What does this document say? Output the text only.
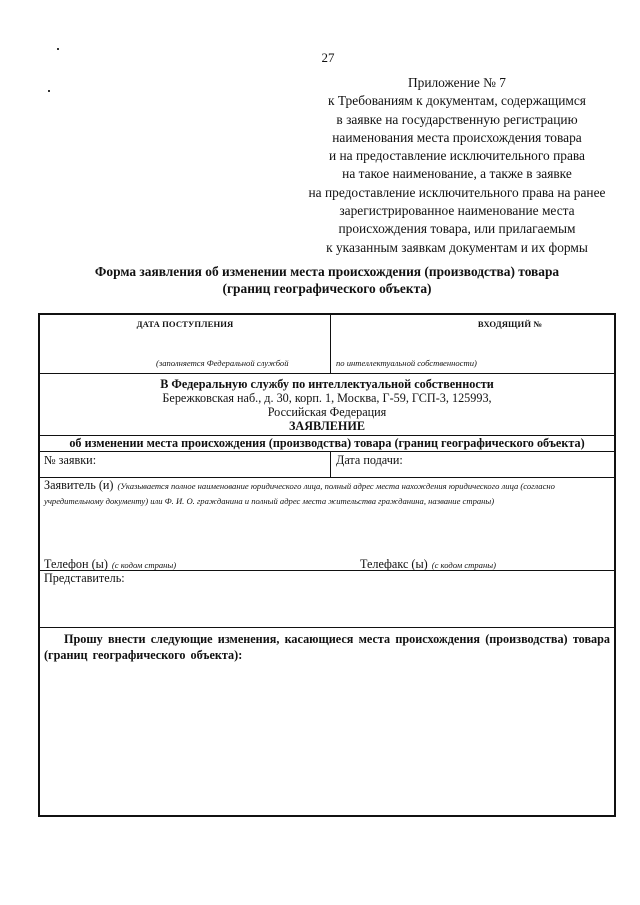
27
Приложение № 7
к Требованиям к документам, содержащимся
в заявке на государственную регистрацию
наименования места происхождения товара
и на предоставление исключительного права
на такое наименование, а также в заявке
на предоставление исключительного права на ранее
зарегистрированное наименование места
происхождения товара, или прилагаемым
к указанным заявкам документам и их формы
Форма заявления об изменении места происхождения (производства) товара
(границ географического объекта)
ДАТА ПОСТУПЛЕНИЯ	ВХОДЯЩИЙ №
(заполняется Федеральной службой	по интеллектуальной собственности)
В Федеральную службу по интеллектуальной собственности
Бережковская наб., д. 30, корп. 1, Москва, Г-59, ГСП-3, 125993,
Российская Федерация
ЗАЯВЛЕНИЕ
об изменении места происхождения (производства) товара (границ географического объекта)
№ заявки:	Дата подачи:
Заявитель (и) (Указывается полное наименование юридического лица, полный адрес места нахождения юридического лица (согласно учредительному документу) или Ф. И. О. гражданина и полный адрес места жительства гражданина, название страны)
Телефон (ы) (с кодом страны)	Телефакс (ы) (с кодом страны)
Представитель:
Прошу внести следующие изменения, касающиеся места происхождения (производства) товара (границ географического объекта):
